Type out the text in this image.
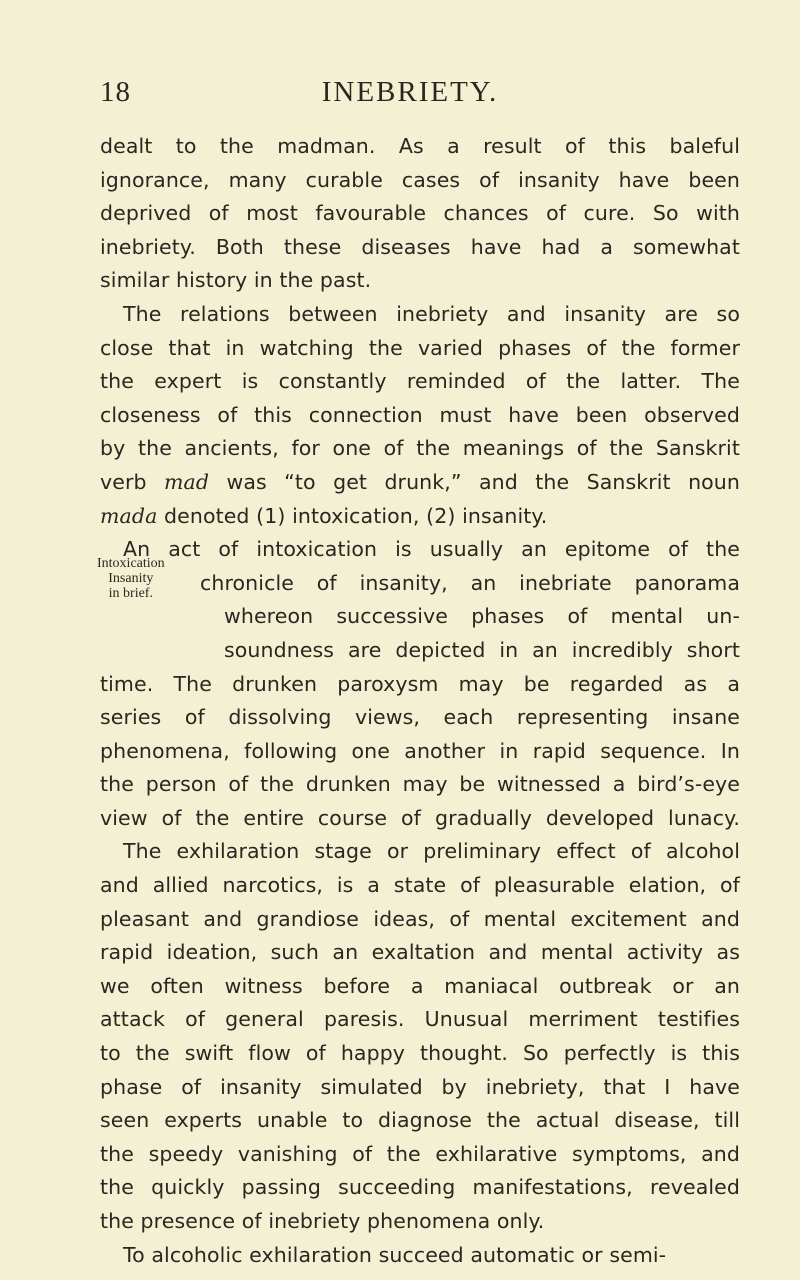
18	INEBRIETY.
Intoxication
Insanity
in brief.
dealt to the madman. As a result of this baleful
ignorance, many curable cases of insanity have been
deprived of most favourable chances of cure. So with
inebriety. Both these diseases have had a somewhat
similar history in the past.
The relations between inebriety and insanity are so
close that in watching the varied phases of the former
the expert is constantly reminded of the latter. The
closeness of this connection must have been observed
by the ancients, for one of the meanings of the Sanskrit
verb mad was “to get drunk,” and the Sanskrit noun
mada denoted (1) intoxication, (2) insanity.
An act of intoxication is usually an epitome of the
chronicle of insanity, an inebriate panorama
whereon successive phases of mental un-
soundness are depicted in an incredibly short
time. The drunken paroxysm may be regarded as a
series of dissolving views, each representing insane
phenomena, following one another in rapid sequence. In
the person of the drunken may be witnessed a bird’s-eye
view of the entire course of gradually developed lunacy.
The exhilaration stage or preliminary effect of alcohol
and allied narcotics, is a state of pleasurable elation, of
pleasant and grandiose ideas, of mental excitement and
rapid ideation, such an exaltation and mental activity as
we often witness before a maniacal outbreak or an
attack of general paresis. Unusual merriment testifies
to the swift flow of happy thought. So perfectly is this
phase of insanity simulated by inebriety, that I have
seen experts unable to diagnose the actual disease, till
the speedy vanishing of the exhilarative symptoms, and
the quickly passing succeeding manifestations, revealed
the presence of inebriety phenomena only.
To alcoholic exhilaration succeed automatic or semi-
